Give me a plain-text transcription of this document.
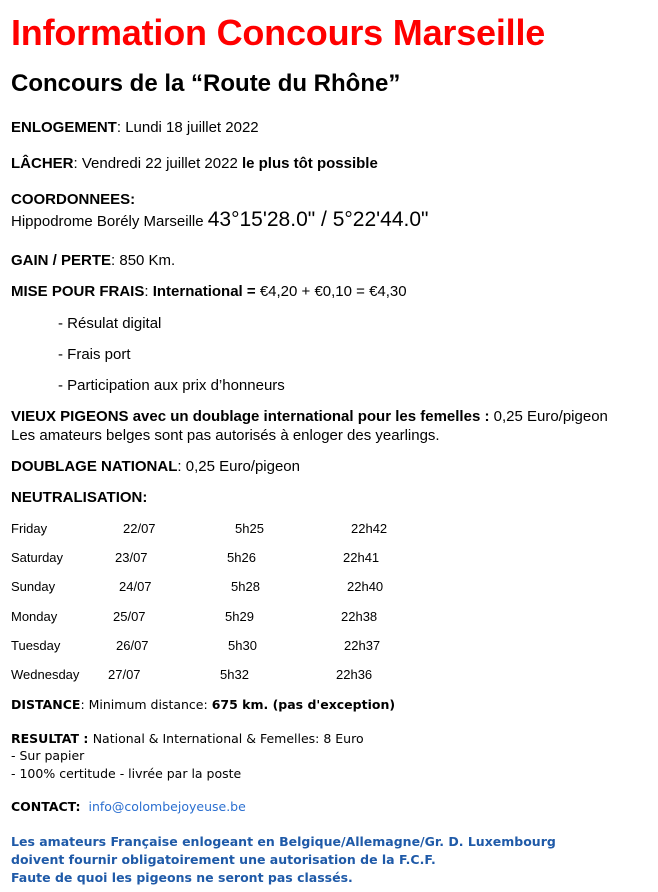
Information Concours Marseille
Concours de la “Route du Rhône”
ENLOGEMENT: Lundi 18 juillet 2022
LÂCHER: Vendredi 22 juillet 2022 le plus tôt possible
COORDONNEES:
Hippodrome Borély Marseille 43°15'28.0" / 5°22'44.0"
GAIN / PERTE: 850 Km.
MISE POUR FRAIS: International = €4,20 + €0,10 = €4,30
- Résulat digital
- Frais port
- Participation aux prix d’honneurs
VIEUX PIGEONS avec un doublage international pour les femelles : 0,25 Euro/pigeon
Les amateurs belges sont pas autorisés à enloger des yearlings.
DOUBLAGE NATIONAL: 0,25 Euro/pigeon
NEUTRALISATION:
Friday	22/07	5h25	22h42
Saturday	23/07	5h26	22h41
Sunday	24/07	5h28	22h40
Monday	25/07	5h29	22h38
Tuesday	26/07	5h30	22h37
Wednesday 27/07	5h32	22h36
DISTANCE: Minimum distance: 675 km. (pas d'exception)
RESULTAT : National & International & Femelles: 8 Euro
- Sur papier
- 100% certitude - livrée par la poste
CONTACT: info@colombejoyeuse.be
Les amateurs Française enlogeant en Belgique/Allemagne/Gr. D. Luxembourg
doivent fournir obligatoirement une autorisation de la F.C.F.
Faute de quoi les pigeons ne seront pas classés.
